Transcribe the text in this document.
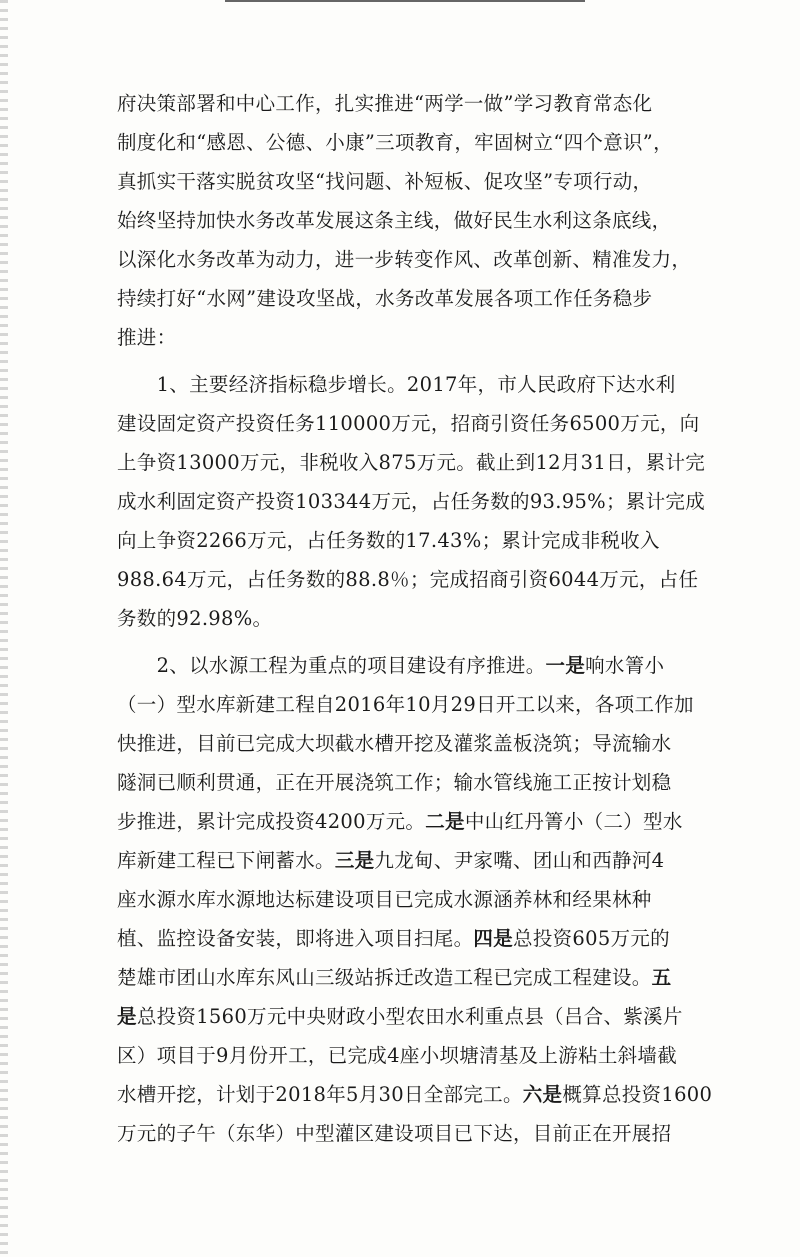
府决策部署和中心工作，扎实推进“两学一做”学习教育常态化
制度化和“感恩、公德、小康”三项教育，牢固树立“四个意识”，
真抓实干落实脱贫攻坚“找问题、补短板、促攻坚”专项行动，
始终坚持加快水务改革发展这条主线，做好民生水利这条底线，
以深化水务改革为动力，进一步转变作风、改革创新、精准发力，
持续打好“水网”建设攻坚战，水务改革发展各项工作任务稳步
推进：
　　1、主要经济指标稳步增长。2017年，市人民政府下达水利
建设固定资产投资任务110000万元，招商引资任务6500万元，向
上争资13000万元，非税收入875万元。截止到12月31日，累计完
成水利固定资产投资103344万元，占任务数的93.95%；累计完成
向上争资2266万元，占任务数的17.43%；累计完成非税收入
988.64万元，占任务数的88.8％；完成招商引资6044万元，占任
务数的92.98%。
　　2、以水源工程为重点的项目建设有序推进。一是响水箐小
（一）型水库新建工程自2016年10月29日开工以来，各项工作加
快推进，目前已完成大坝截水槽开挖及灌浆盖板浇筑；导流输水
隧洞已顺利贯通，正在开展浇筑工作；输水管线施工正按计划稳
步推进，累计完成投资4200万元。二是中山红丹箐小（二）型水
库新建工程已下闸蓄水。三是九龙甸、尹家嘴、团山和西静河4
座水源水库水源地达标建设项目已完成水源涵养林和经果林种
植、监控设备安装，即将进入项目扫尾。四是总投资605万元的
楚雄市团山水库东风山三级站拆迁改造工程已完成工程建设。五
是总投资1560万元中央财政小型农田水利重点县（吕合、紫溪片
区）项目于9月份开工，已完成4座小坝塘清基及上游粘土斜墙截
水槽开挖，计划于2018年5月30日全部完工。六是概算总投资1600
万元的子午（东华）中型灌区建设项目已下达，目前正在开展招
